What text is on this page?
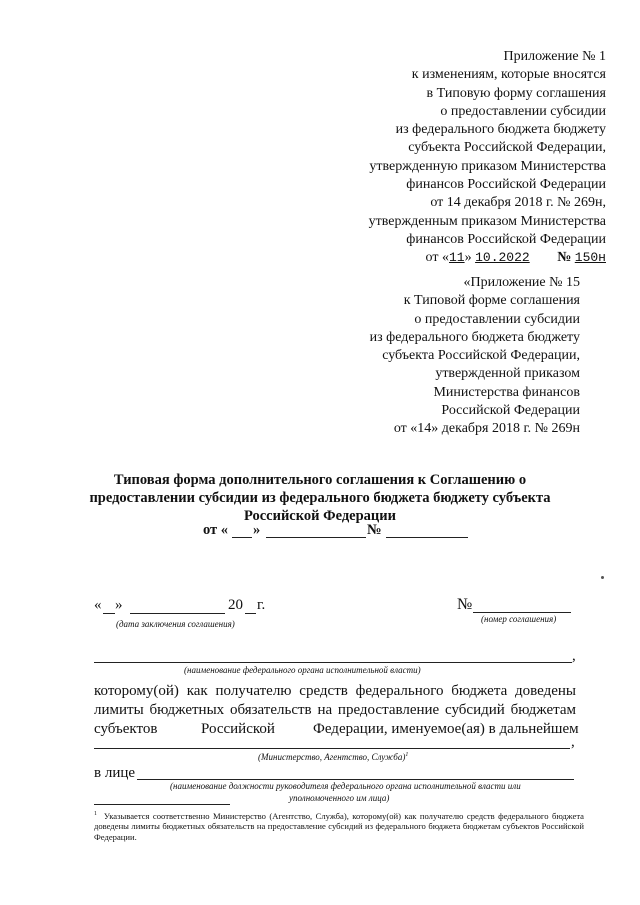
Приложение № 1
к изменениям, которые вносятся
в Типовую форму соглашения
о предоставлении субсидии
из федерального бюджета бюджету
субъекта Российской Федерации,
утвержденную приказом Министерства
финансов Российской Федерации
от 14 декабря 2018 г. № 269н,
утвержденным приказом Министерства
финансов Российской Федерации
от «11» 10.2022 № 150н
«Приложение № 15
к Типовой форме соглашения
о предоставлении субсидии
из федерального бюджета бюджету
субъекта Российской Федерации,
утвержденной приказом
Министерства финансов
Российской Федерации
от «14» декабря 2018 г. № 269н
Типовая форма дополнительного соглашения к Соглашению о
предоставлении субсидии из федерального бюджета бюджету субъекта
Российской Федерации
от « »	№
« »	20 г.
(дата заключения соглашения)
№
(номер соглашения)
,
(наименование федерального органа исполнительной власти)
которому(ой) как получателю средств федерального бюджета доведены
лимиты бюджетных обязательств на предоставление субсидий бюджетам
субъектов	Российской	Федерации, именуемое(ая) в дальнейшем
,
(Министерство, Агентство, Служба)$^1$
в лице
(наименование должности руководителя федерального органа исполнительной власти или
уполномоченного им лица)
$^1$ Указывается соответственно Министерство (Агентство, Служба), которому(ой) как получателю средств федерального бюджета доведены лимиты бюджетных обязательств на предоставление субсидий из федерального бюджета бюджетам субъектов Российской Федерации.
